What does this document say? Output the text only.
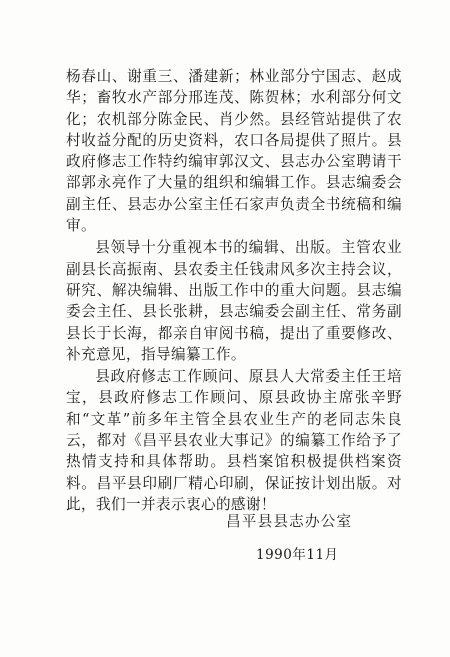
杨春山、谢重三、潘建新；林业部分宁国志、赵成华；畜牧水产部分邢连茂、陈贺林；水利部分何文化；农机部分陈金民、肖少然。县经管站提供了农村收益分配的历史资料，农口各局提供了照片。县政府修志工作特约编审郭汉文、县志办公室聘请干部郭永亮作了大量的组织和编辑工作。县志编委会副主任、县志办公室主任石家声负责全书统稿和编审。

县领导十分重视本书的编辑、出版。主管农业副县长高振南、县农委主任钱肃风多次主持会议，研究、解决编辑、出版工作中的重大问题。县志编委会主任、县长张耕，县志编委会副主任、常务副县长于长海，都亲自审阅书稿，提出了重要修改、补充意见，指导编纂工作。

县政府修志工作顾问、原县人大常委主任王培宝，县政府修志工作顾问、原县政协主席张辛野和“文革”前多年主管全县农业生产的老同志朱良云，都对《昌平县农业大事记》的编纂工作给予了热情支持和具体帮助。县档案馆积极提供档案资料。昌平县印刷厂精心印刷，保证按计划出版。对此，我们一并表示衷心的感谢！

昌平县县志办公室
1990年11月
